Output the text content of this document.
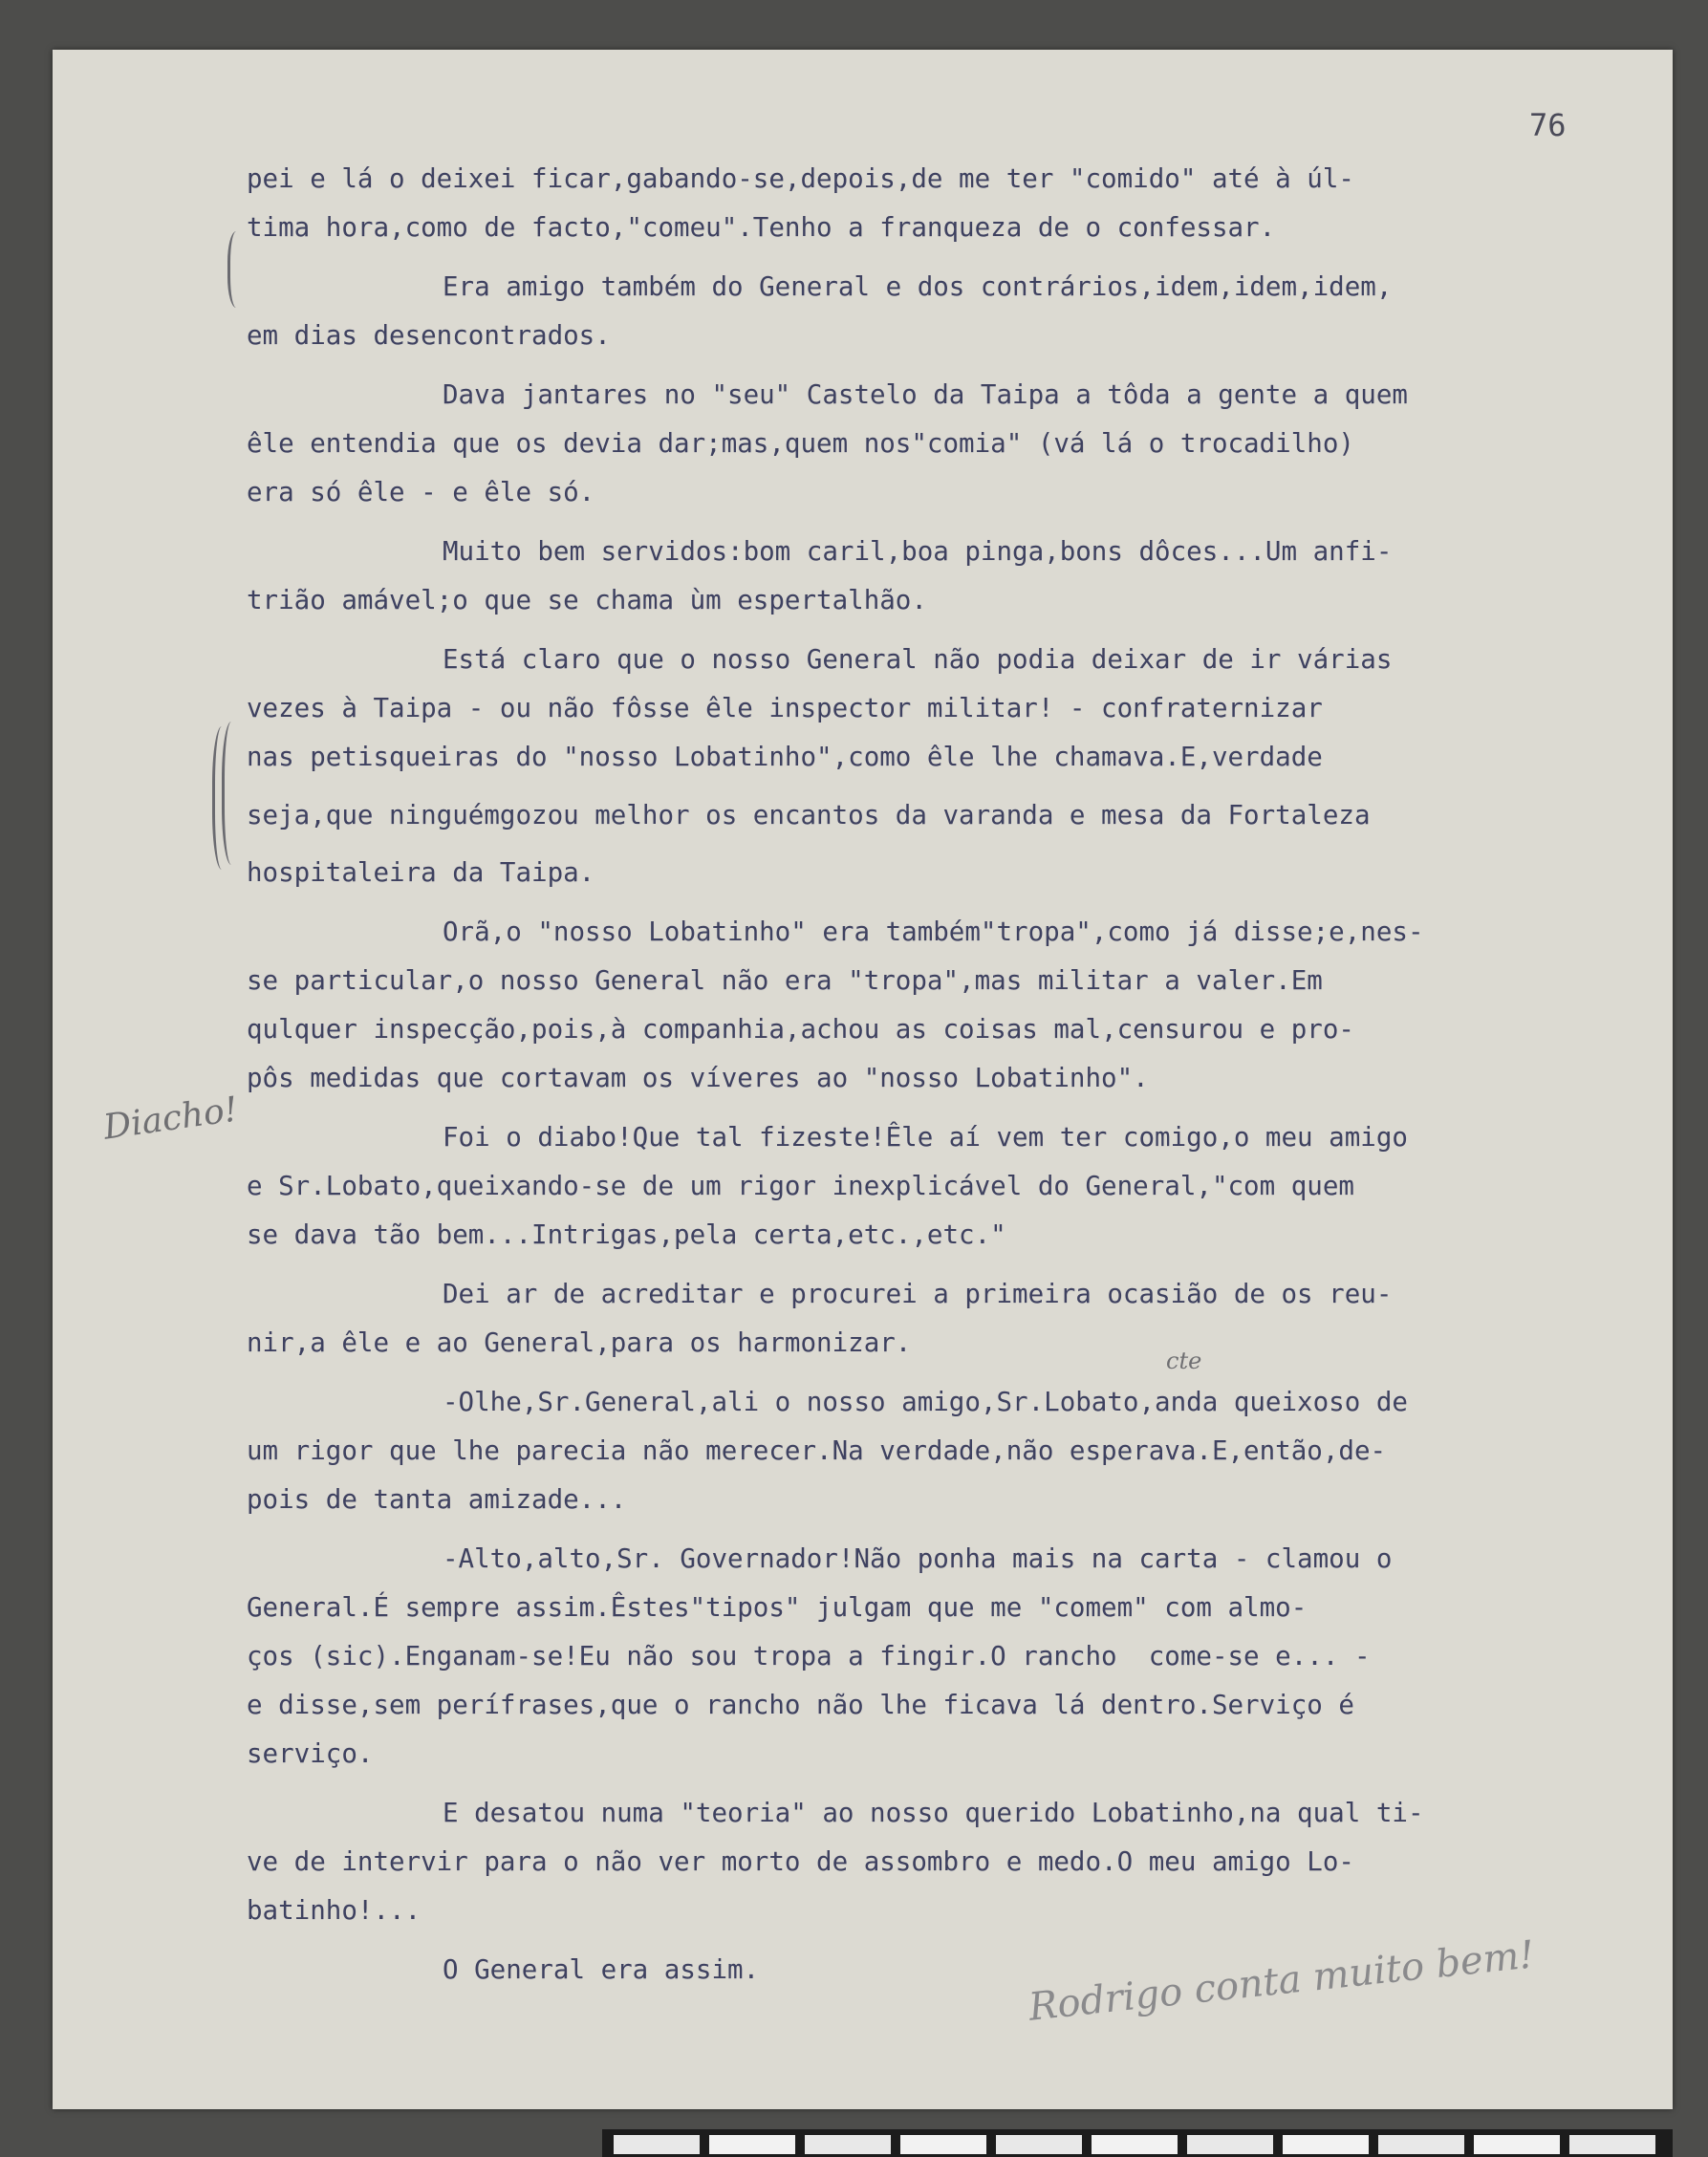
76
Diacho!
cte
Rodrigo conta muito bem!
pei e lá o deixei ficar,gabando-se,depois,de me ter "comido" até à úl-
tima hora,como de facto,"comeu".Tenho a franqueza de o confessar.
Era amigo também do General e dos contrários,idem,idem,idem,
em dias desencontrados.
Dava jantares no "seu" Castelo da Taipa a tôda a gente a quem
êle entendia que os devia dar;mas,quem nos"comia" (vá lá o trocadilho)
era só êle - e êle só.
Muito bem servidos:bom caril,boa pinga,bons dôces...Um anfi-
trião amável;o que se chama ùm espertalhão.
Está claro que o nosso General não podia deixar de ir várias
vezes à Taipa - ou não fôsse êle inspector militar! - confraternizar
nas petisqueiras do "nosso Lobatinho",como êle lhe chamava.E,verdade
seja,que ninguémgozou melhor os encantos da varanda e mesa da Fortaleza
hospitaleira da Taipa.
Orã,o "nosso Lobatinho" era também"tropa",como já disse;e,nes-
se particular,o nosso General não era "tropa",mas militar a valer.Em
qulquer inspecção,pois,à companhia,achou as coisas mal,censurou e pro-
pôs medidas que cortavam os víveres ao "nosso Lobatinho".
Foi o diabo!Que tal fizeste!Êle aí vem ter comigo,o meu amigo
e Sr.Lobato,queixando-se de um rigor inexplicável do General,"com quem
se dava tão bem...Intrigas,pela certa,etc.,etc."
Dei ar de acreditar e procurei a primeira ocasião de os reu-
nir,a êle e ao General,para os harmonizar.
-Olhe,Sr.General,ali o nosso amigo,Sr.Lobato,anda queixoso de
um rigor que lhe parecia não merecer.Na verdade,não esperava.E,então,de-
pois de tanta amizade...
-Alto,alto,Sr. Governador!Não ponha mais na carta - clamou o
General.É sempre assim.Êstes"tipos" julgam que me "comem" com almo-
ços (sic).Enganam-se!Eu não sou tropa a fingir.O rancho  come-se e... -
e disse,sem perífrases,que o rancho não lhe ficava lá dentro.Serviço é
serviço.
E desatou numa "teoria" ao nosso querido Lobatinho,na qual ti-
ve de intervir para o não ver morto de assombro e medo.O meu amigo Lo-
batinho!...
O General era assim.
